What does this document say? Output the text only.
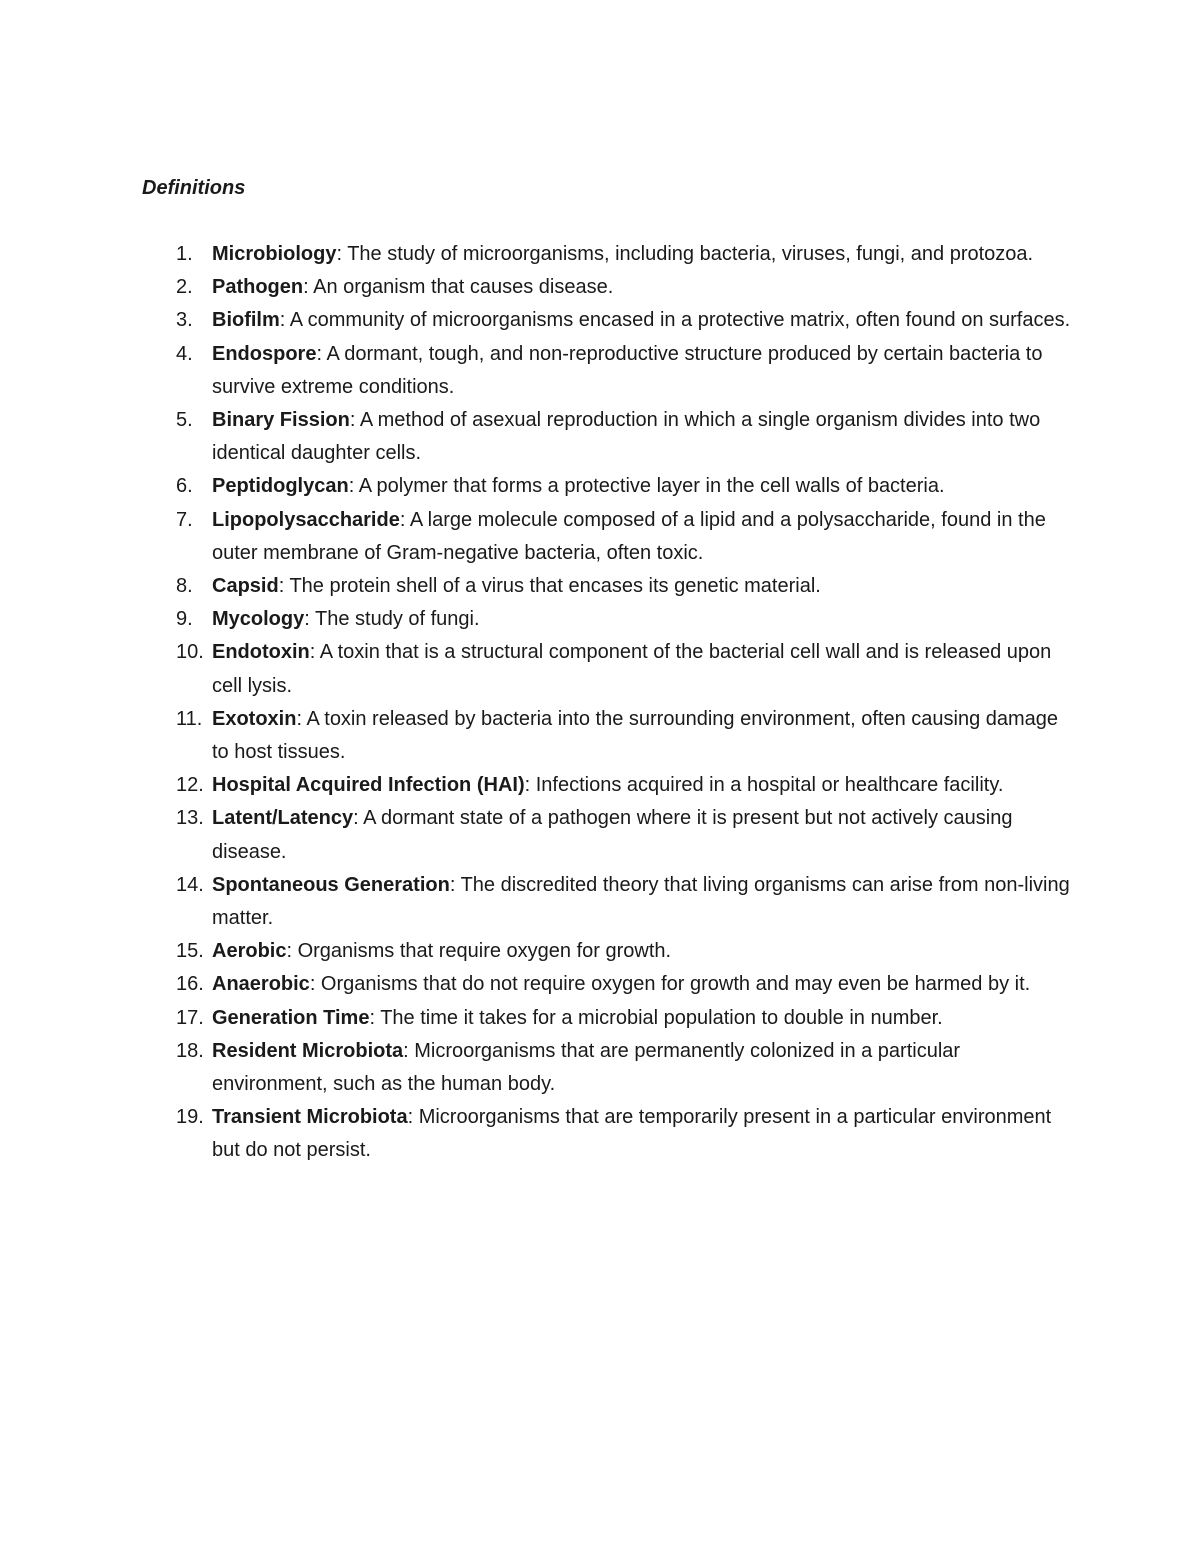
Definitions
1. Microbiology: The study of microorganisms, including bacteria, viruses, fungi, and protozoa.
2. Pathogen: An organism that causes disease.
3. Biofilm: A community of microorganisms encased in a protective matrix, often found on surfaces.
4. Endospore: A dormant, tough, and non-reproductive structure produced by certain bacteria to survive extreme conditions.
5. Binary Fission: A method of asexual reproduction in which a single organism divides into two identical daughter cells.
6. Peptidoglycan: A polymer that forms a protective layer in the cell walls of bacteria.
7. Lipopolysaccharide: A large molecule composed of a lipid and a polysaccharide, found in the outer membrane of Gram-negative bacteria, often toxic.
8. Capsid: The protein shell of a virus that encases its genetic material.
9. Mycology: The study of fungi.
10. Endotoxin: A toxin that is a structural component of the bacterial cell wall and is released upon cell lysis.
11. Exotoxin: A toxin released by bacteria into the surrounding environment, often causing damage to host tissues.
12. Hospital Acquired Infection (HAI): Infections acquired in a hospital or healthcare facility.
13. Latent/Latency: A dormant state of a pathogen where it is present but not actively causing disease.
14. Spontaneous Generation: The discredited theory that living organisms can arise from non-living matter.
15. Aerobic: Organisms that require oxygen for growth.
16. Anaerobic: Organisms that do not require oxygen for growth and may even be harmed by it.
17. Generation Time: The time it takes for a microbial population to double in number.
18. Resident Microbiota: Microorganisms that are permanently colonized in a particular environment, such as the human body.
19. Transient Microbiota: Microorganisms that are temporarily present in a particular environment but do not persist.
